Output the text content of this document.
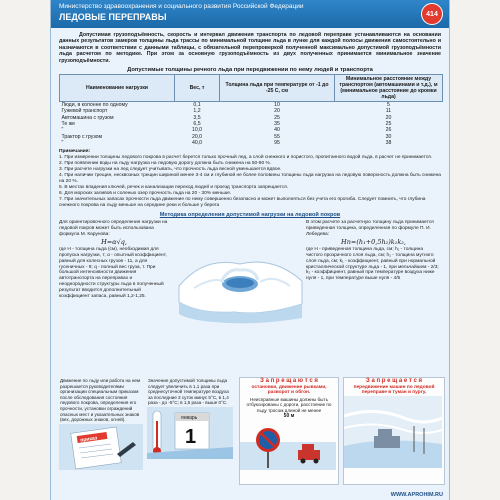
Министерство здравоохранения и социального развития Российской Федерации
ЛЕДОВЫЕ ПЕРЕПРАВЫ	414
Допустимая грузоподъёмность, скорость и интервал движения транспорта по ледовой переправе устанавливаются на основании данных результатов замеров толщины льда трассы по минимальной толщине льда в лунке для каждой полосы движения самостоятельно и назначаются в соответствии с данными таблицы, с обязательной перепроверкой полученной максимально допустимой грузоподъёмности льда расчетом по методике. При этом за основную грузоподъёмность из двух полученных принимается минимальное значение грузоподъёмности.
Допустимые толщины речного льда при передвижении по нему людей и транспорта
Наименование нагрузки	Вес, т	Толщина льда при температуре от -1 до -25 С, см	Минимальное расстояние между транспортом (автомашинами и т.д.), м (минимальное расстояние до кромки льда)
Люди, в колонне по одному	0,1	10	5
Гужевой транспорт	1,2	20	11
Автомашина с грузом	3,5	25	20
Те же	6,5	35	25
"	10,0	40	26
Трактор с грузом	20,0	55	30
"	40,0	95	38
Примечания:
1. При измерении толщины ледового покрова в расчет берется только прочный лед, а слой снежного и пористого, пропитанного водой льда, в расчет не принимается.
2. При появлении воды на льду нагрузка на ледовую дорогу должна быть снижена на 50-90 %.
3. При расчете нагрузки на лед следует учитывать, что прочность льда весной уменьшается вдвое.
4. При наличии трещин, несквозных трещин шириной менее 3-4 см и глубиной не более половины толщины льда нагрузка на ледовую поверхность должна быть снижена на 20 %.
5. В местах впадения ключей, речек и канализации переход людей и проезд транспорта запрещается.
6. Для морских заливов и соленых озер прочность льда на 20 - 30% меньше.
7. При значительных запасах прочности льда движение по нему совершенно безопасно и может выполняться без учета его прогиба. Следует помнить, что глубина снежного покрова на льду меньше на середине реки и больше у берега
Методика определения допустимой нагрузки на ледовой покров
Для ориентировочного определения нагрузки на ледовой покров может быть использована формула М. Карунова:
H=α√q,
где H - толщина льда (см), необходимая для пропуска нагрузки, т; α - опытный коэффициент, равный для колесных грузов - 11, а для гусеничных - 9; q - полный вес груза, т. При большой интенсивности движения автотранспорта на переправах и неоднородности структуры льда в полученный результат вводится дополнительный коэффициент запаса, равный 1,2-1,25.
В этом расчете за расчетную толщину льда принимается приведенная толщина, определенная по формуле П. И. Лебедева:
Hп=(h₁+0,5h₂)k₁k₂,
где H - приведенная толщина льда, см; h₁ - толщина чистого прозрачного слоя льда, см; h₂ - толщина мутного слоя льда, см; k₁ - коэффициент, равный при нормальной кристаллической структуре льда - 1, при мельчайшем - 2/3; k₂ - коэффициент, равный при температуре воздуха ниже нуля - 1, при температуре выше нуля - 4/5
Движение по льду или работа на нем разрешается руководителями организации специальным приказом после обследования состояния ледового покрова, определения его прочности, установки ограждений опасных мест и указательных знаков (вех, дорожных знаков, огней).
приказ
Значение допустимой толщины льда следует увеличить в 1,1 раза при среднесуточной температуре воздуха за последние 3 суток минус 5°С, в 1,4 раза - до -5°С; в 1,5 раза - выше 0°С.
январь
1
З а п р е щ а ю т с я
остановки, движение рывками, разворот и обгон.
Неисправные машины должны быть отбуксированы с дороги, расстояние по льду тросом длиной не менее
50 м
З а п р е щ а е т с я
передвижение машин по ледовой переправе в туман и пургу.
WWW.APROHIM.RU
